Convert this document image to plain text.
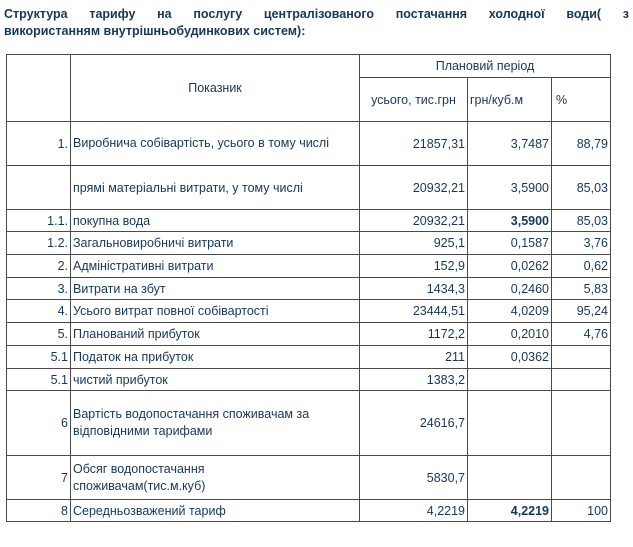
Структура тарифу на послугу централізованого постачання холодної води( з
використанням внутрішньобудинкових систем):
	Показник	Плановий період		
		усього, тис.грн	грн/куб.м	%
1.	Виробнича собівартість, усього в тому числі	21857,31	3,7487	88,79
	прямі матеріальні витрати, у тому числі	20932,21	3,5900	85,03
1.1.	покупна вода	20932,21	3,5900	85,03
1.2.	Загальновиробничі витрати	925,1	0,1587	3,76
2.	Адміністративні витрати	152,9	0,0262	0,62
3.	Витрати на збут	1434,3	0,2460	5,83
4.	Усього витрат повної собівартості	23444,51	4,0209	95,24
5.	Планований прибуток	1172,2	0,2010	4,76
5.1	Податок на прибуток	211	0,0362	
5.1	чистий прибуток	1383,2		
6	Вартість водопостачання споживачам за відповідними тарифами	24616,7		
7	Обсяг водопостачання споживачам(тис.м.куб)	5830,7		
8	Середньозважений тариф	4,2219	4,2219	100
